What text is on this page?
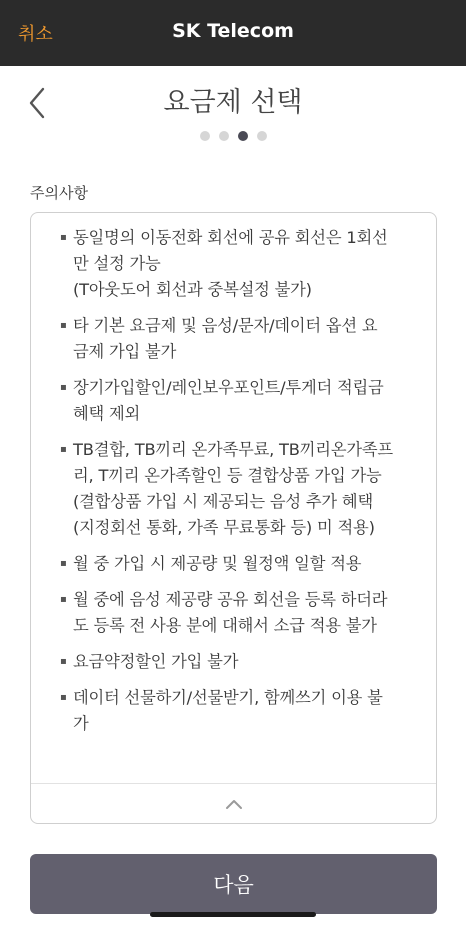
취소	SK Telecom
요금제 선택
주의사항
▪ 동일명의 이동전화 회선에 공유 회선은 1회선
만 설정 가능
(T아웃도어 회선과 중복설정 불가)
▪ 타 기본 요금제 및 음성/문자/데이터 옵션 요
금제 가입 불가
▪ 장기가입할인/레인보우포인트/투게더 적립금
혜택 제외
▪ TB결합, TB끼리 온가족무료, TB끼리온가족프
리, T끼리 온가족할인 등 결합상품 가입 가능
(결합상품 가입 시 제공되는 음성 추가 혜택
(지정회선 통화, 가족 무료통화 등) 미 적용)
▪ 월 중 가입 시 제공량 및 월정액 일할 적용
▪ 월 중에 음성 제공량 공유 회선을 등록 하더라
도 등록 전 사용 분에 대해서 소급 적용 불가
▪ 요금약정할인 가입 불가
▪ 데이터 선물하기/선물받기, 함께쓰기 이용 불
가
다음
